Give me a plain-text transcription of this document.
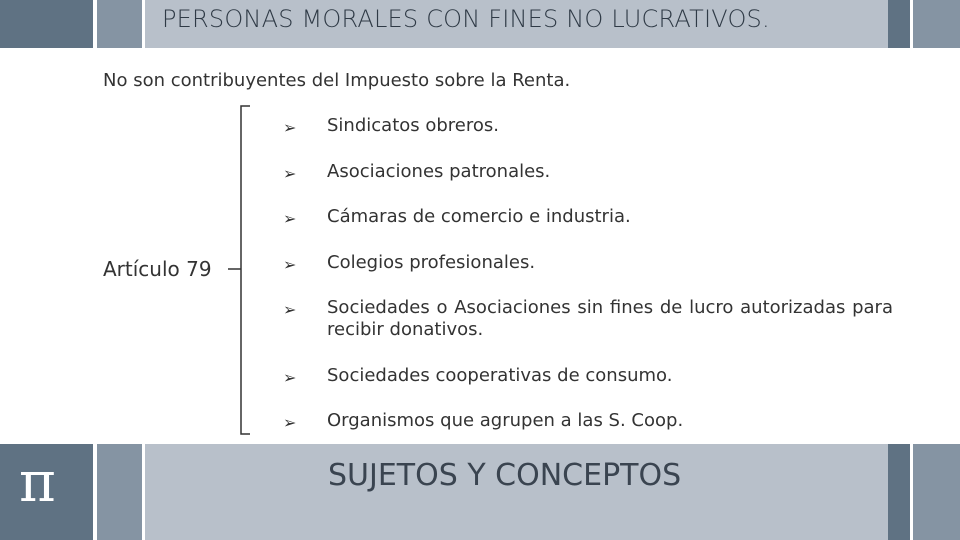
PERSONAS MORALES CON FINES NO LUCRATIVOS.
No son contribuyentes del Impuesto sobre la Renta.
Artículo 79
➢ Sindicatos obreros.
➢ Asociaciones patronales.
➢ Cámaras de comercio e industria.
➢ Colegios profesionales.
➢ Sociedades o Asociaciones sin fines de lucro autorizadas para recibir donativos.
➢ Sociedades cooperativas de consumo.
➢ Organismos que agrupen a las S. Coop.
π	SUJETOS Y CONCEPTOS
